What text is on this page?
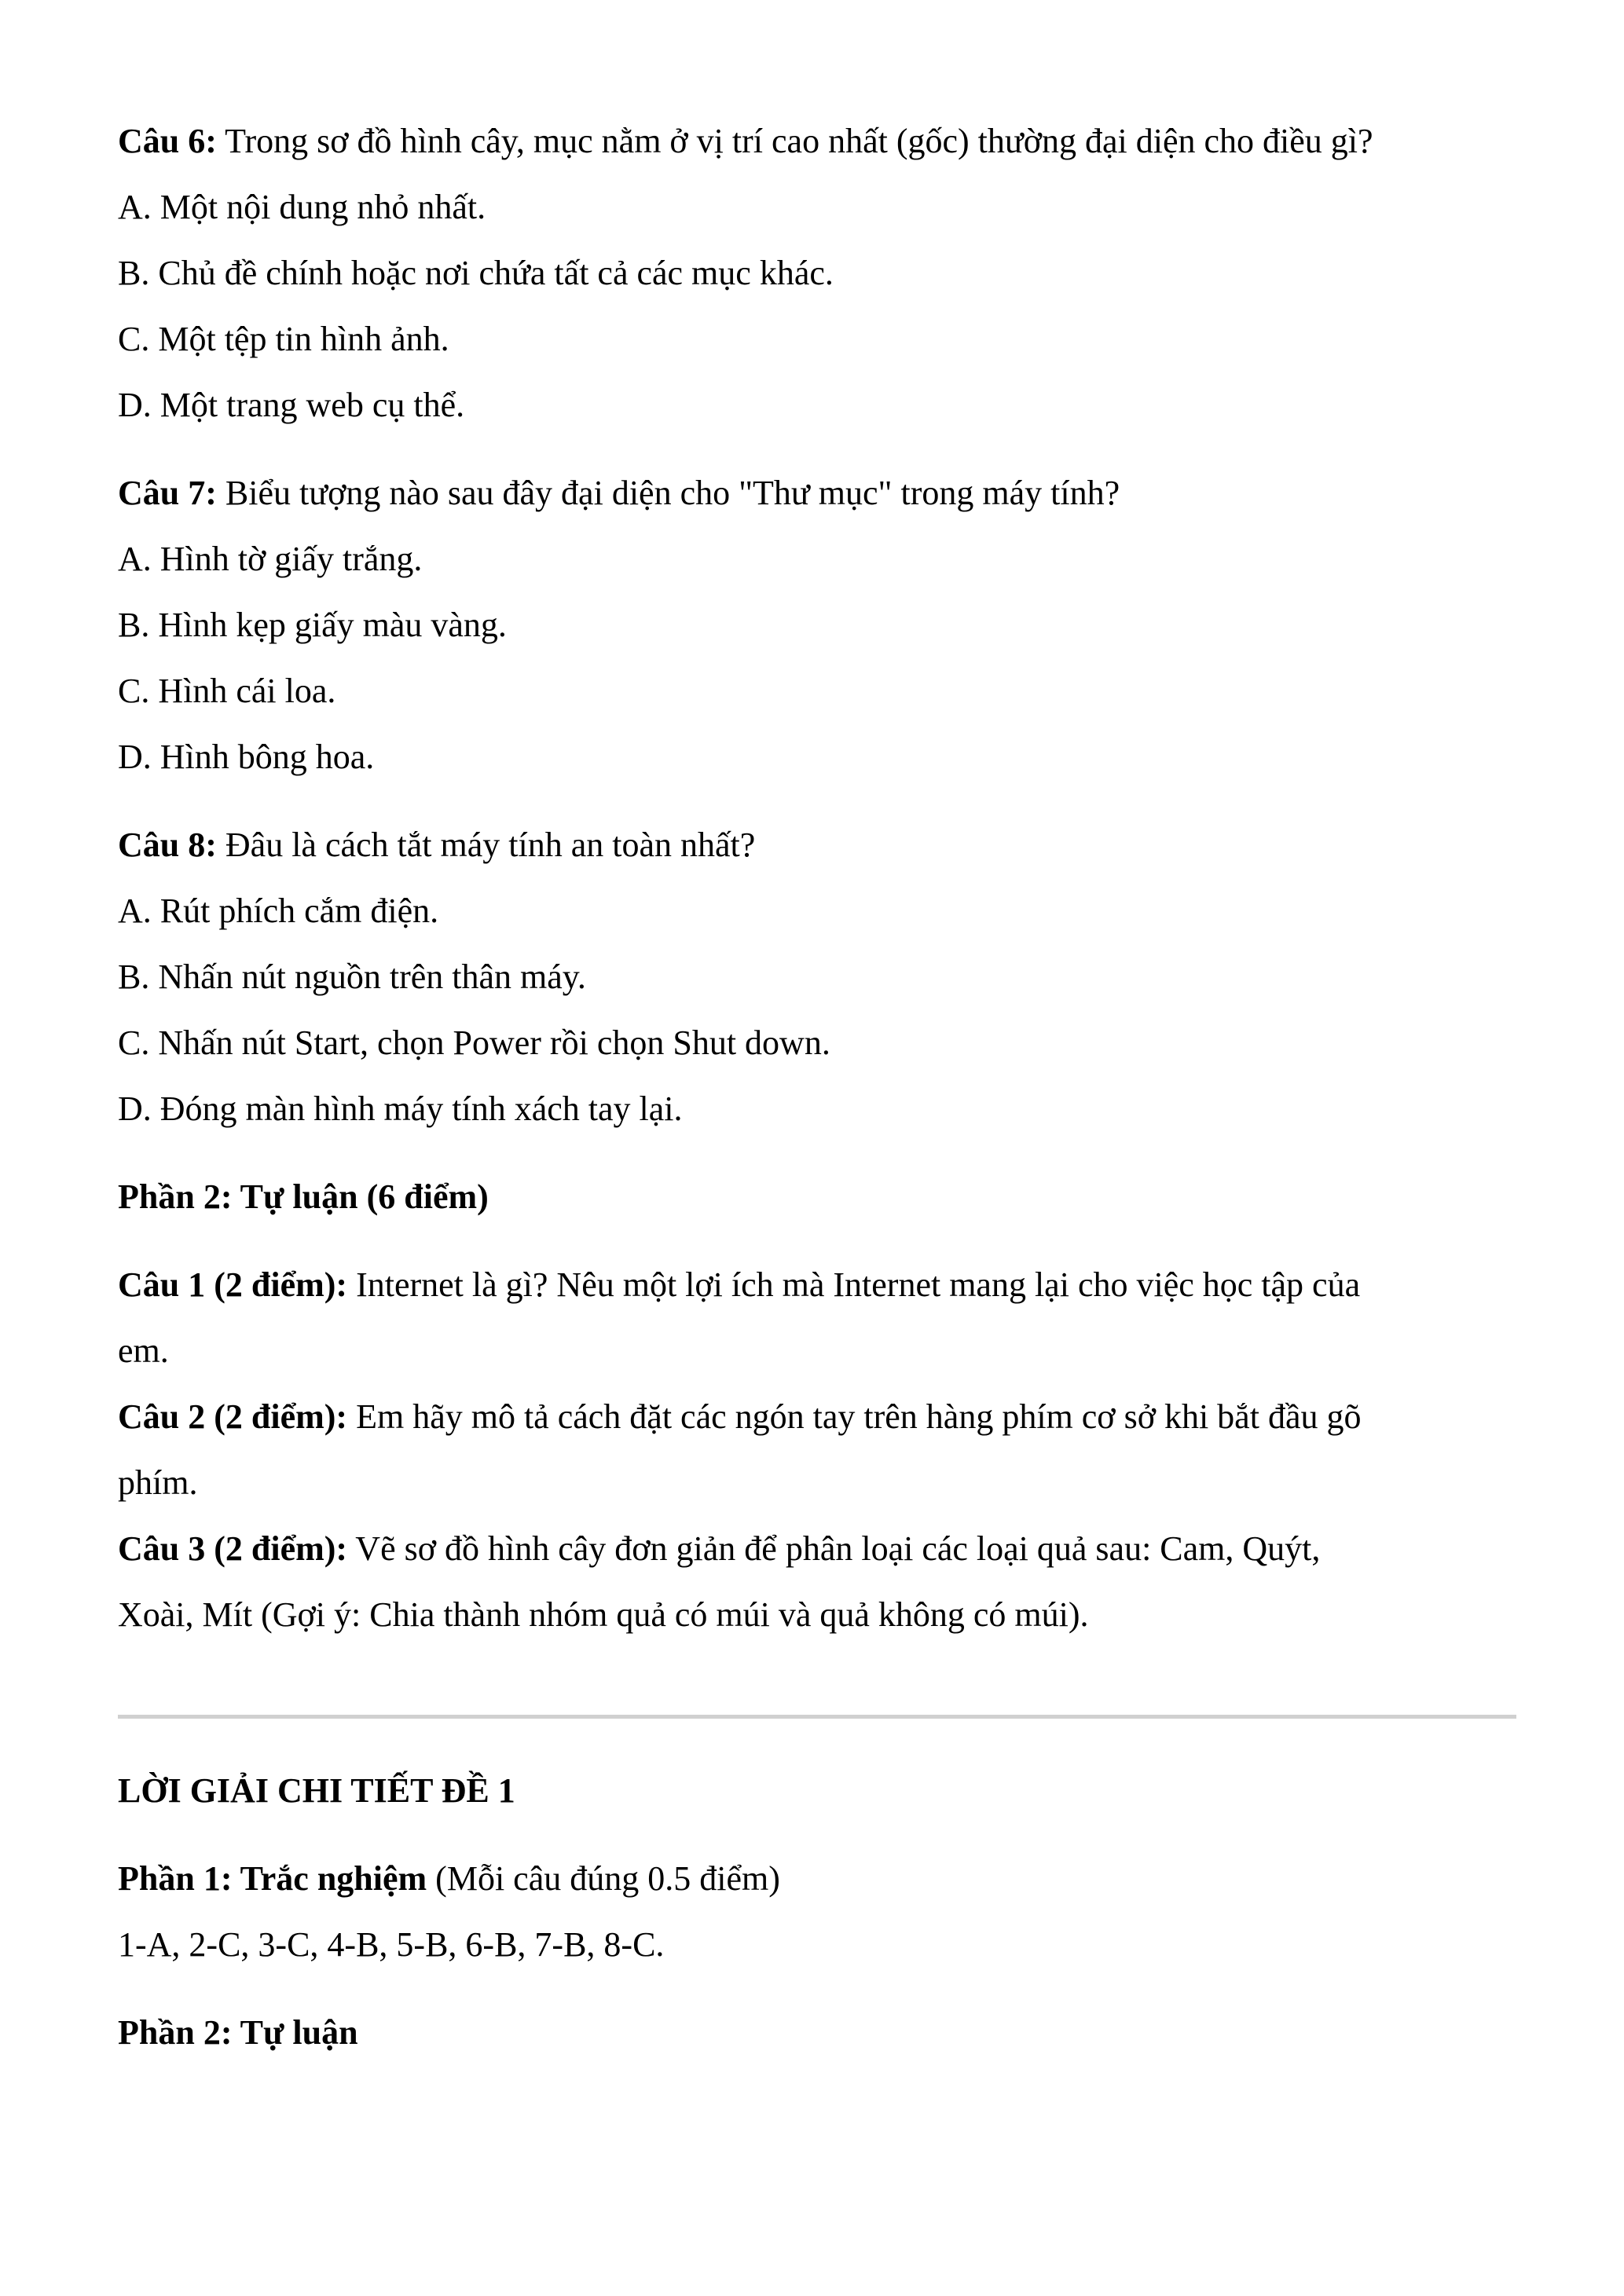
Câu 6: Trong sơ đồ hình cây, mục nằm ở vị trí cao nhất (gốc) thường đại diện cho điều gì?
A. Một nội dung nhỏ nhất.
B. Chủ đề chính hoặc nơi chứa tất cả các mục khác.
C. Một tệp tin hình ảnh.
D. Một trang web cụ thể.
Câu 7: Biểu tượng nào sau đây đại diện cho "Thư mục" trong máy tính?
A. Hình tờ giấy trắng.
B. Hình kẹp giấy màu vàng.
C. Hình cái loa.
D. Hình bông hoa.
Câu 8: Đâu là cách tắt máy tính an toàn nhất?
A. Rút phích cắm điện.
B. Nhấn nút nguồn trên thân máy.
C. Nhấn nút Start, chọn Power rồi chọn Shut down.
D. Đóng màn hình máy tính xách tay lại.
Phần 2: Tự luận (6 điểm)
Câu 1 (2 điểm): Internet là gì? Nêu một lợi ích mà Internet mang lại cho việc học tập của
em.
Câu 2 (2 điểm): Em hãy mô tả cách đặt các ngón tay trên hàng phím cơ sở khi bắt đầu gõ
phím.
Câu 3 (2 điểm): Vẽ sơ đồ hình cây đơn giản để phân loại các loại quả sau: Cam, Quýt,
Xoài, Mít (Gợi ý: Chia thành nhóm quả có múi và quả không có múi).
LỜI GIẢI CHI TIẾT ĐỀ 1
Phần 1: Trắc nghiệm (Mỗi câu đúng 0.5 điểm)
1-A, 2-C, 3-C, 4-B, 5-B, 6-B, 7-B, 8-C.
Phần 2: Tự luận
